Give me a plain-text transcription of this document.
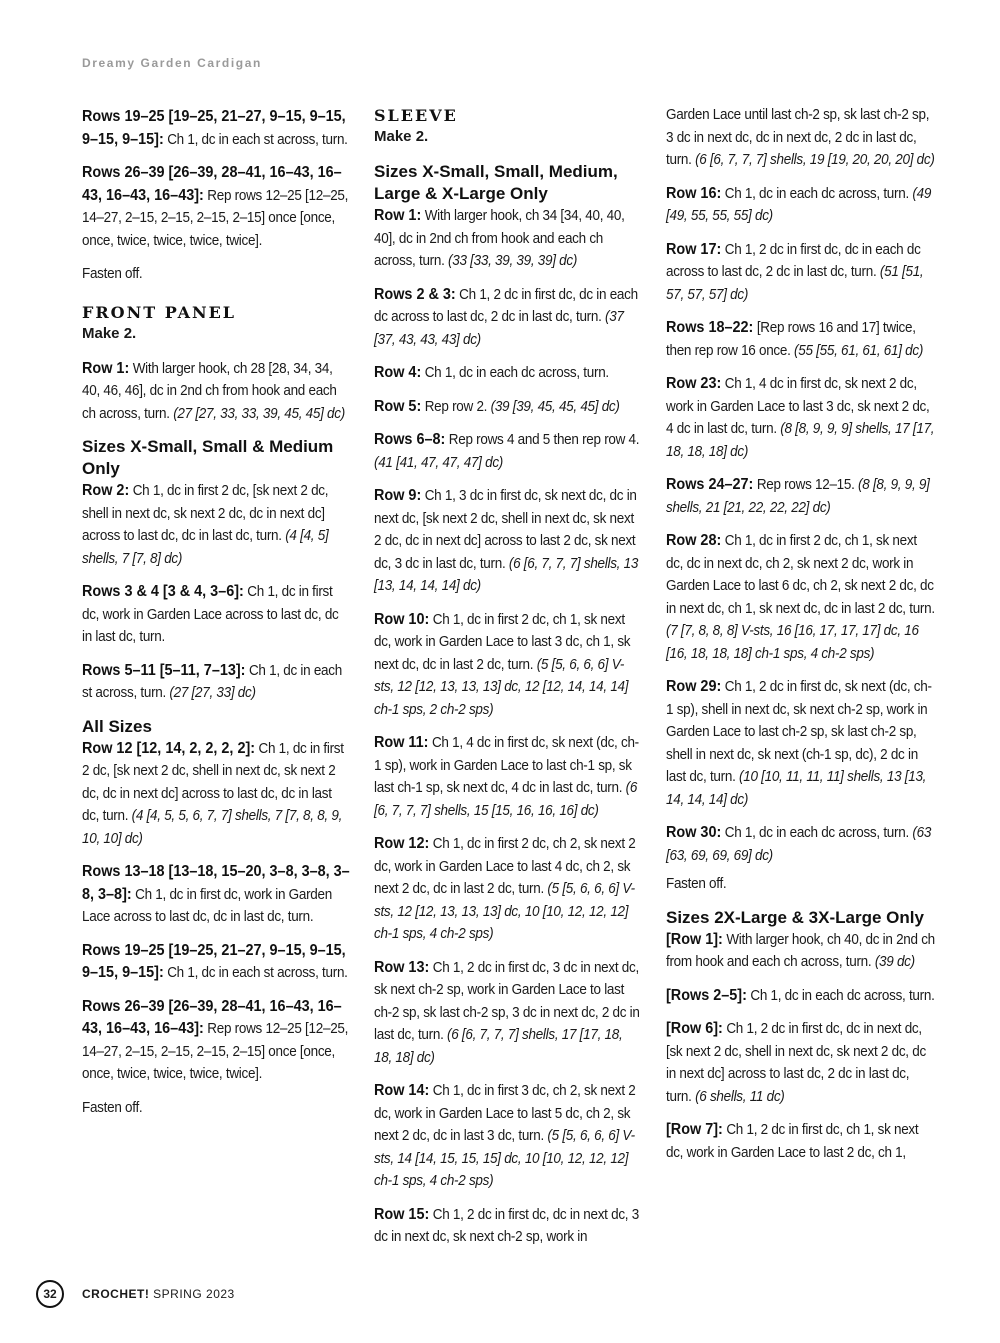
Dreamy Garden Cardigan

Rows 19–25 [19–25, 21–27, 9–15, 9–15, 9–15, 9–15]: Ch 1, dc in each st across, turn.

Rows 26–39 [26–39, 28–41, 16–43, 16–43, 16–43, 16–43]: Rep rows 12–25 [12–25, 14–27, 2–15, 2–15, 2–15, 2–15] once [once, once, twice, twice, twice, twice].

Fasten off.

FRONT PANEL

Make 2.

Row 1: With larger hook, ch 28 [28, 34, 34, 40, 46, 46], dc in 2nd ch from hook and each ch across, turn. (27 [27, 33, 33, 39, 45, 45] dc)

Sizes X-Small, Small & Medium Only

Row 2: Ch 1, dc in first 2 dc, [sk next 2 dc, shell in next dc, sk next 2 dc, dc in next dc] across to last dc, dc in last dc, turn. (4 [4, 5] shells, 7 [7, 8] dc)

Rows 3 & 4 [3 & 4, 3–6]: Ch 1, dc in first dc, work in Garden Lace across to last dc, dc in last dc, turn.

Rows 5–11 [5–11, 7–13]: Ch 1, dc in each st across, turn. (27 [27, 33] dc)

All Sizes

Row 12 [12, 14, 2, 2, 2, 2]: Ch 1, dc in first 2 dc, [sk next 2 dc, shell in next dc, sk next 2 dc, dc in next dc] across to last dc, dc in last dc, turn. (4 [4, 5, 5, 6, 7, 7] shells, 7 [7, 8, 8, 9, 10, 10] dc)

Rows 13–18 [13–18, 15–20, 3–8, 3–8, 3–8, 3–8]: Ch 1, dc in first dc, work in Garden Lace across to last dc, dc in last dc, turn.

Rows 19–25 [19–25, 21–27, 9–15, 9–15, 9–15, 9–15]: Ch 1, dc in each st across, turn.

Rows 26–39 [26–39, 28–41, 16–43, 16–43, 16–43, 16–43]: Rep rows 12–25 [12–25, 14–27, 2–15, 2–15, 2–15, 2–15] once [once, once, twice, twice, twice, twice].

Fasten off.

SLEEVE

Make 2.

Sizes X-Small, Small, Medium, Large & X-Large Only

Row 1: With larger hook, ch 34 [34, 40, 40, 40], dc in 2nd ch from hook and each ch across, turn. (33 [33, 39, 39, 39] dc)

Rows 2 & 3: Ch 1, 2 dc in first dc, dc in each dc across to last dc, 2 dc in last dc, turn. (37 [37, 43, 43, 43] dc)

Row 4: Ch 1, dc in each dc across, turn.

Row 5: Rep row 2. (39 [39, 45, 45, 45] dc)

Rows 6–8: Rep rows 4 and 5 then rep row 4. (41 [41, 47, 47, 47] dc)

Row 9: Ch 1, 3 dc in first dc, sk next dc, dc in next dc, [sk next 2 dc, shell in next dc, sk next 2 dc, dc in next dc] across to last 2 dc, sk next dc, 3 dc in last dc, turn. (6 [6, 7, 7, 7] shells, 13 [13, 14, 14, 14] dc)

Row 10: Ch 1, dc in first 2 dc, ch 1, sk next dc, work in Garden Lace to last 3 dc, ch 1, sk next dc, dc in last 2 dc, turn. (5 [5, 6, 6, 6] V-sts, 12 [12, 13, 13, 13] dc, 12 [12, 14, 14, 14] ch-1 sps, 2 ch-2 sps)

Row 11: Ch 1, 4 dc in first dc, sk next (dc, ch-1 sp), work in Garden Lace to last ch-1 sp, sk last ch-1 sp, sk next dc, 4 dc in last dc, turn. (6 [6, 7, 7, 7] shells, 15 [15, 16, 16, 16] dc)

Row 12: Ch 1, dc in first 2 dc, ch 2, sk next 2 dc, work in Garden Lace to last 4 dc, ch 2, sk next 2 dc, dc in last 2 dc, turn. (5 [5, 6, 6, 6] V-sts, 12 [12, 13, 13, 13] dc, 10 [10, 12, 12, 12] ch-1 sps, 4 ch-2 sps)

Row 13: Ch 1, 2 dc in first dc, 3 dc in next dc, sk next ch-2 sp, work in Garden Lace to last ch-2 sp, sk last ch-2 sp, 3 dc in next dc, 2 dc in last dc, turn. (6 [6, 7, 7, 7] shells, 17 [17, 18, 18, 18] dc)

Row 14: Ch 1, dc in first 3 dc, ch 2, sk next 2 dc, work in Garden Lace to last 5 dc, ch 2, sk next 2 dc, dc in last 3 dc, turn. (5 [5, 6, 6, 6] V-sts, 14 [14, 15, 15, 15] dc, 10 [10, 12, 12, 12] ch-1 sps, 4 ch-2 sps)

Row 15: Ch 1, 2 dc in first dc, dc in next dc, 3 dc in next dc, sk next ch-2 sp, work in

Garden Lace until last ch-2 sp, sk last ch-2 sp, 3 dc in next dc, dc in next dc, 2 dc in last dc, turn. (6 [6, 7, 7, 7] shells, 19 [19, 20, 20, 20] dc)

Row 16: Ch 1, dc in each dc across, turn. (49 [49, 55, 55, 55] dc)

Row 17: Ch 1, 2 dc in first dc, dc in each dc across to last dc, 2 dc in last dc, turn. (51 [51, 57, 57, 57] dc)

Rows 18–22: [Rep rows 16 and 17] twice, then rep row 16 once. (55 [55, 61, 61, 61] dc)

Row 23: Ch 1, 4 dc in first dc, sk next 2 dc, work in Garden Lace to last 3 dc, sk next 2 dc, 4 dc in last dc, turn. (8 [8, 9, 9, 9] shells, 17 [17, 18, 18, 18] dc)

Rows 24–27: Rep rows 12–15. (8 [8, 9, 9, 9] shells, 21 [21, 22, 22, 22] dc)

Row 28: Ch 1, dc in first 2 dc, ch 1, sk next dc, dc in next dc, ch 2, sk next 2 dc, work in Garden Lace to last 6 dc, ch 2, sk next 2 dc, dc in next dc, ch 1, sk next dc, dc in last 2 dc, turn. (7 [7, 8, 8, 8] V-sts, 16 [16, 17, 17, 17] dc, 16 [16, 18, 18, 18] ch-1 sps, 4 ch-2 sps)

Row 29: Ch 1, 2 dc in first dc, sk next (dc, ch-1 sp), shell in next dc, sk next ch-2 sp, work in Garden Lace to last ch-2 sp, sk last ch-2 sp, shell in next dc, sk next (ch-1 sp, dc), 2 dc in last dc, turn. (10 [10, 11, 11, 11] shells, 13 [13, 14, 14, 14] dc)

Row 30: Ch 1, dc in each dc across, turn. (63 [63, 69, 69, 69] dc)

Fasten off.

Sizes 2X-Large & 3X-Large Only

[Row 1]: With larger hook, ch 40, dc in 2nd ch from hook and each ch across, turn. (39 dc)

[Rows 2–5]: Ch 1, dc in each dc across, turn.

[Row 6]: Ch 1, 2 dc in first dc, dc in next dc, [sk next 2 dc, shell in next dc, sk next 2 dc, dc in next dc] across to last dc, 2 dc in last dc, turn. (6 shells, 11 dc)

[Row 7]: Ch 1, 2 dc in first dc, ch 1, sk next dc, work in Garden Lace to last 2 dc, ch 1,

32	CROCHET! SPRING 2023
